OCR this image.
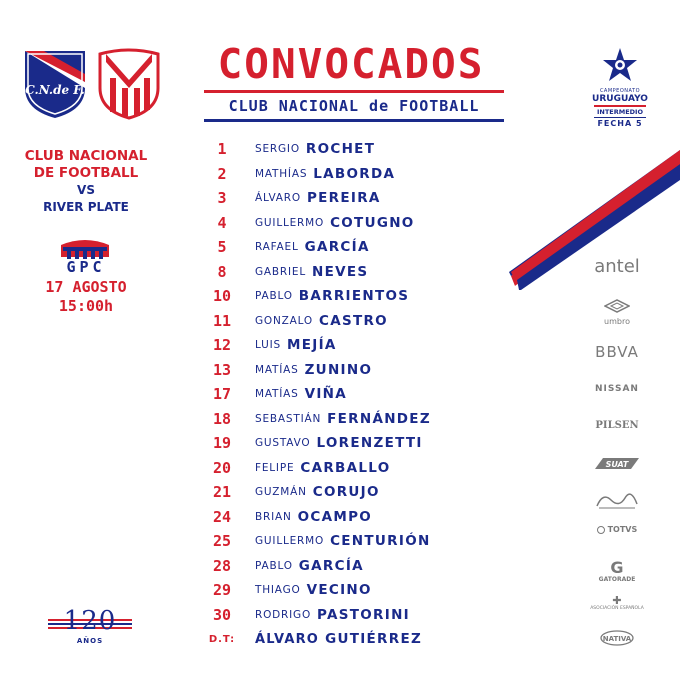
C.N.de F.
CONVOCADOS
CLUB NACIONAL de FOOTBALL
CLUB NACIONAL
DE FOOTBALL
VS
RIVER PLATE
GPC
17 AGOSTO
15:00h
1	SERGIO ROCHET
2	MATHÍAS LABORDA
3	ÁLVARO PEREIRA
4	GUILLERMO COTUGNO
5	RAFAEL GARCÍA
8	GABRIEL NEVES
10	PABLO BARRIENTOS
11	GONZALO CASTRO
12	LUIS MEJÍA
13	MATÍAS ZUNINO
17	MATÍAS VIÑA
18	SEBASTIÁN FERNÁNDEZ
19	GUSTAVO LORENZETTI
20	FELIPE CARBALLO
21	GUZMÁN CORUJO
24	BRIAN OCAMPO
25	GUILLERMO CENTURIÓN
28	PABLO GARCÍA
29	THIAGO VECINO
30	RODRIGO PASTORINI
D.T: ÁLVARO GUTIÉRREZ
CAMPEONATO
URUGUAYO
INTERMEDIO
FECHA 5
antel
umbro
BBVA
NISSAN
PILSEN
SUAT
TOTVS
G
GATORADE
✚
ASOCIACIÓN ESPAÑOLA
NATIVA
120
AÑOS
